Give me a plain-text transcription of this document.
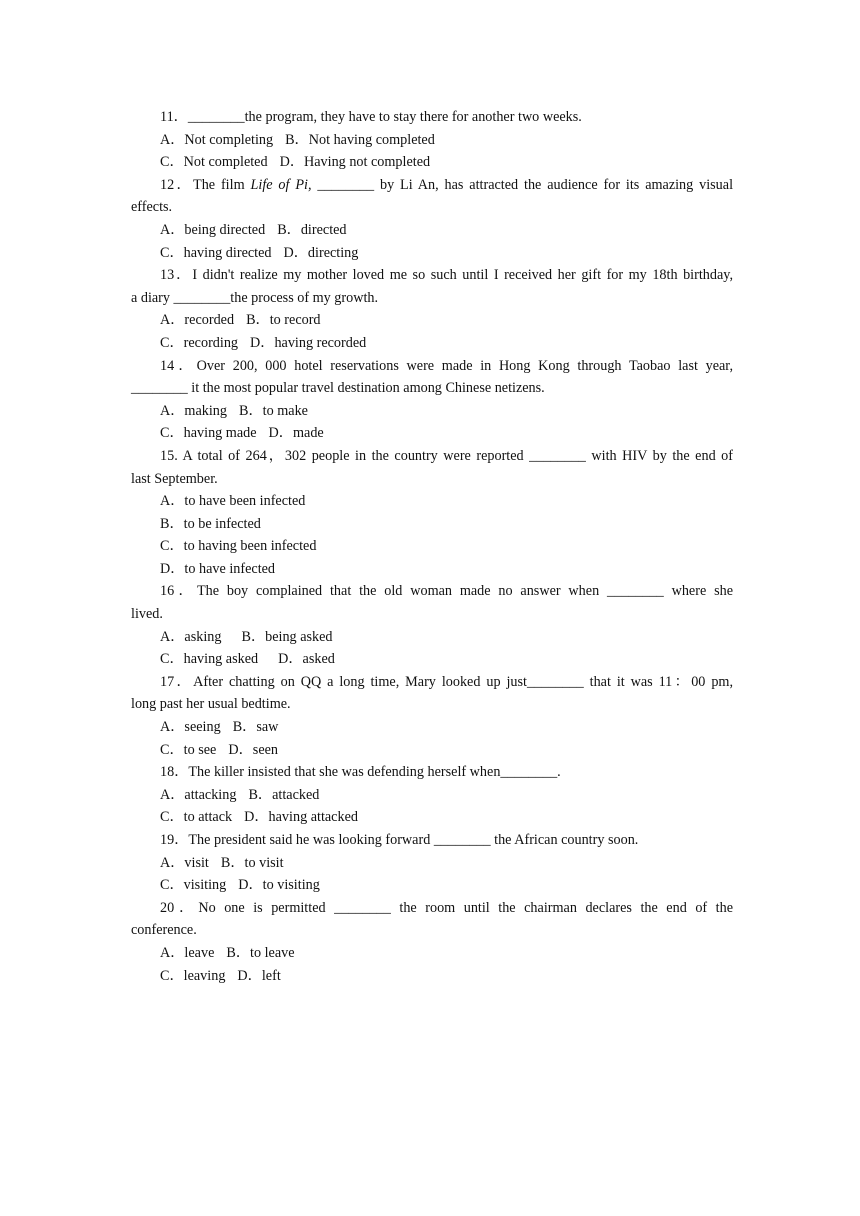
11．________the program, they have to stay there for another two weeks.
A．Not completing B．Not having completed
C．Not completed D．Having not completed
12．The film Life of Pi, ________ by Li An, has attracted the audience for its amazing visual
effects.
A．being directed B．directed
C．having directed D．directing
13．I didn't realize my mother loved me so such until I received her gift for my 18th birthday,
a diary ________the process of my growth.
A．recorded B．to record
C．recording D．having recorded
14．Over 200, 000 hotel reservations were made in Hong Kong through Taobao last year,
________ it the most popular travel destination among Chinese netizens.
A．making B．to make
C．having made D．made
15. A total of 264，302 people in the country were reported ________ with HIV by the end of
last September.
A．to have been infected
B．to be infected
C．to having been infected
D．to have infected
16．The boy complained that the old woman made no answer when ________ where she
lived.
A．asking B．being asked
C．having asked D．asked
17．After chatting on QQ a long time, Mary looked up just________ that it was 11：00 pm,
long past her usual bedtime.
A．seeing B．saw
C．to see D．seen
18．The killer insisted that she was defending herself when________.
A．attacking B．attacked
C．to attack D．having attacked
19．The president said he was looking forward ________ the African country soon.
A．visit B．to visit
C．visiting D．to visiting
20．No one is permitted ________ the room until the chairman declares the end of the
conference.
A．leave B．to leave
C．leaving D．left
